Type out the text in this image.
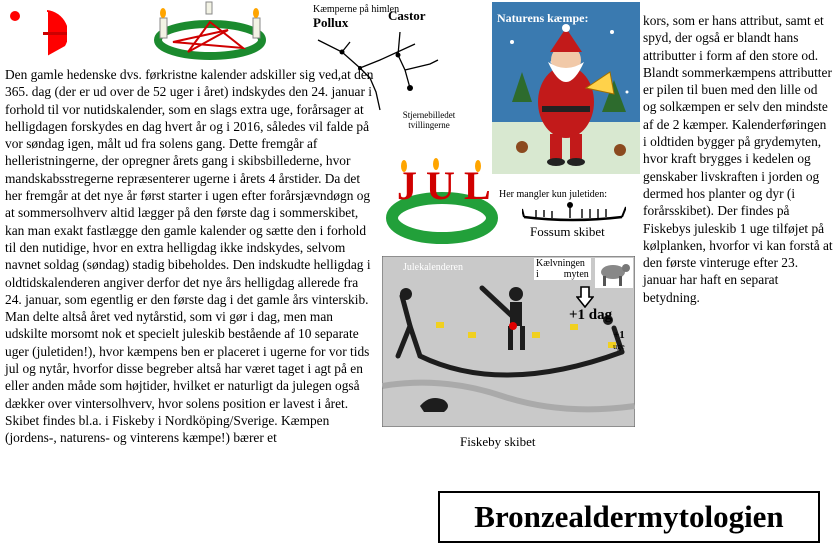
Kæmperne på himlen
Pollux	Castor
Stjernebilledet
tvillingerne
Naturens kæmpe:
J U L Her mangler kun juletiden:
Fossum skibet
Julekalenderen	Kælvningen
i          myten
+1 dag
+1
uge
Fiskeby skibet

Den gamle hedenske dvs. førkristne kalender adskiller sig ved,at den 365. dag (der er ud over de 52 uger i året) indskydes den 24. januar i forhold til vor nutidskalender, som en slags extra uge, forårsager at helligdagen forskydes en dag hvert år og i 2016, således vil falde på vor søndag igen, målt ud fra solens gang. Dette fremgår af helleristningerne, der opregner årets gang i skibsbillederne, hvor mandskabsstregerne repræsenterer ugerne i årets 4 årstider. Da det her fremgår at det nye år først starter i ugen efter forårsjævndøgn og at sommersolhverv altid lægger på den første dag i sommerskibet, kan man exakt fastlægge den gamle kalender og sætte den i forhold til den nutidige, hvor en extra helligdag ikke indskydes, selvom navnet soldag (søndag) stadig bibeholdes. Den indskudte helligdag i oldtidskalenderen angiver derfor det nye års helligdag allerede fra 24. januar, som egentlig er den første dag i det gamle års vinterskib. Man delte altså året ved nytårstid, som vi gør i dag, men man udskilte morsomt nok et specielt juleskib bestående af 10 separate uger (juletiden!), hvor kæmpens ben er placeret i ugerne for vor tids jul og nytår, hvorfor disse begreber altså har været taget i agt på en eller anden måde som højtider, hvilket er naturligt da julegen også dækker over vintersolhverv, hvor solens position er lavest i året. Skibet findes bl.a. i Fiskeby i Nordköping/Sverige. Kæmpen (jordens-, naturens- og vinterens kæmpe!) bærer et

kors, som er hans attribut, samt et spyd, der også er blandt hans attributter i form af den store od. Blandt sommerkæmpens attributter er pilen til buen med den lille od og solkæmpen er selv den mindste af de 2 kæmper. Kalenderføringen i oldtiden bygger på grydemyten, hvor kraft brygges i kedelen og genskaber livskraften i jorden og dermed hos planter og dyr (i forårsskibet). Der findes på Fiskebys juleskib 1 uge tilføjet på kølplanken, hvorfor vi kan forstå at den første vinteruge efter 23. januar har haft en separat betydning.

Bronzealdermytologien
